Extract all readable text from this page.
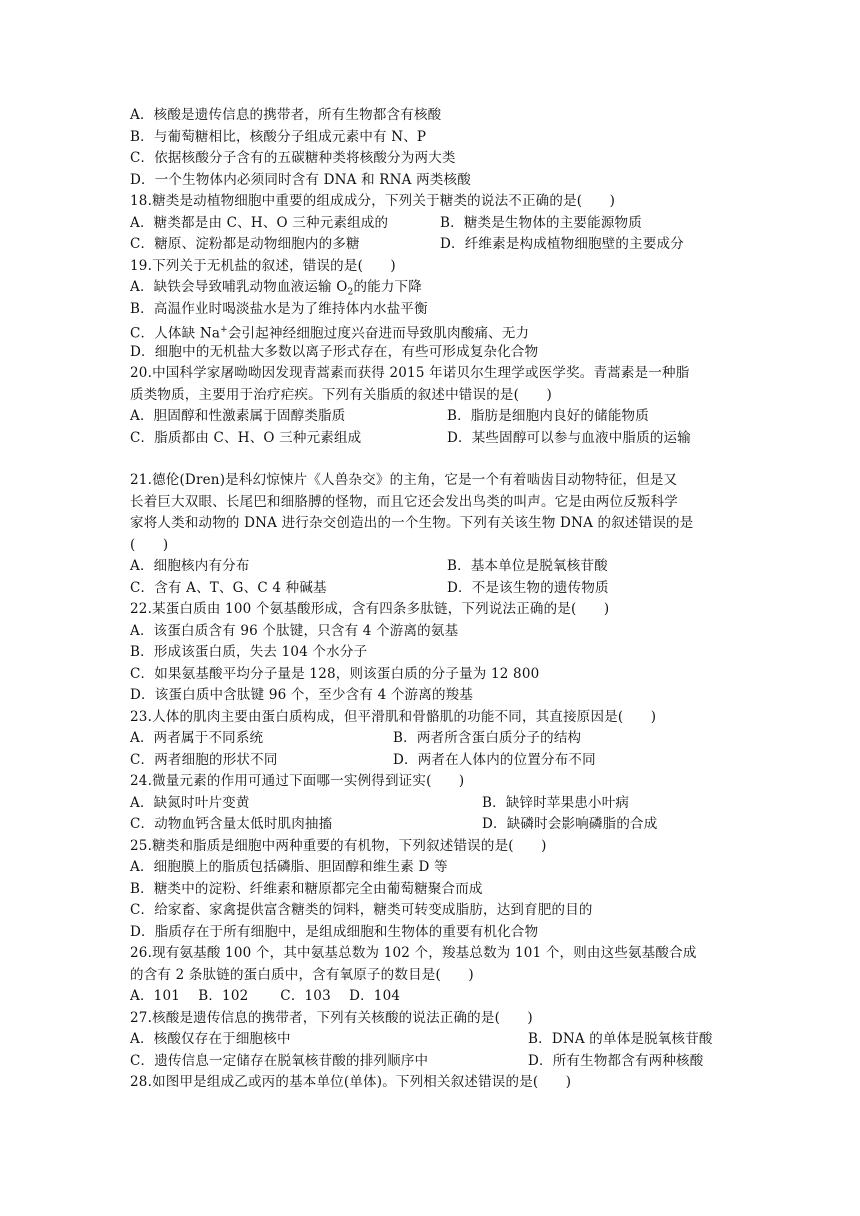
A．核酸是遗传信息的携带者，所有生物都含有核酸
B．与葡萄糖相比，核酸分子组成元素中有 N、P
C．依据核酸分子含有的五碳糖种类将核酸分为两大类
D．一个生物体内必须同时含有 DNA 和 RNA 两类核酸
18.糖类是动植物细胞中重要的组成成分，下列关于糖类的说法不正确的是(　　)
A．糖类都是由 C、H、O 三种元素组成的	B．糖类是生物体的主要能源物质
C．糖原、淀粉都是动物细胞内的多糖	D．纤维素是构成植物细胞壁的主要成分
19.下列关于无机盐的叙述，错误的是(　　)
A．缺铁会导致哺乳动物血液运输 $O_2$的能力下降
B．高温作业时喝淡盐水是为了维持体内水盐平衡
C．人体缺 Na+会引起神经细胞过度兴奋进而导致肌肉酸痛、无力
D．细胞中的无机盐大多数以离子形式存在，有些可形成复杂化合物
20.中国科学家屠呦呦因发现青蒿素而获得 2015 年诺贝尔生理学或医学奖。青蒿素是一种脂
质类物质，主要用于治疗疟疾。下列有关脂质的叙述中错误的是(　　)
A．胆固醇和性激素属于固醇类脂质	B．脂肪是细胞内良好的储能物质
C．脂质都由 C、H、O 三种元素组成	D．某些固醇可以参与血液中脂质的运输
21.德伦(Dren)是科幻惊悚片《人兽杂交》的主角，它是一个有着啮齿目动物特征，但是又
长着巨大双眼、长尾巴和细胳膊的怪物，而且它还会发出鸟类的叫声。它是由两位反叛科学
家将人类和动物的 DNA 进行杂交创造出的一个生物。下列有关该生物 DNA 的叙述错误的是
(　　)
A．细胞核内有分布	B．基本单位是脱氧核苷酸
C．含有 A、T、G、C 4 种碱基	D．不是该生物的遗传物质
22.某蛋白质由 100 个氨基酸形成，含有四条多肽链，下列说法正确的是(　　)
A．该蛋白质含有 96 个肽键，只含有 4 个游离的氨基
B．形成该蛋白质，失去 104 个水分子
C．如果氨基酸平均分子量是 128，则该蛋白质的分子量为 12 800
D．该蛋白质中含肽键 96 个，至少含有 4 个游离的羧基
23.人体的肌肉主要由蛋白质构成，但平滑肌和骨骼肌的功能不同，其直接原因是(　　)
A．两者属于不同系统	B．两者所含蛋白质分子的结构
C．两者细胞的形状不同	D．两者在人体内的位置分布不同
24.微量元素的作用可通过下面哪一实例得到证实(　　)
A．缺氮时叶片变黄	B．缺锌时苹果患小叶病
C．动物血钙含量太低时肌肉抽搐	D．缺磷时会影响磷脂的合成
25.糖类和脂质是细胞中两种重要的有机物，下列叙述错误的是(　　)
A．细胞膜上的脂质包括磷脂、胆固醇和维生素 D 等
B．糖类中的淀粉、纤维素和糖原都完全由葡萄糖聚合而成
C．给家畜、家禽提供富含糖类的饲料，糖类可转变成脂肪，达到育肥的目的
D．脂质存在于所有细胞中，是组成细胞和生物体的重要有机化合物
26.现有氨基酸 100 个，其中氨基总数为 102 个，羧基总数为 101 个，则由这些氨基酸合成
的含有 2 条肽链的蛋白质中，含有氧原子的数目是(　　)
A．101　 B．102　 　C．103　 D．104
27.核酸是遗传信息的携带者，下列有关核酸的说法正确的是(　　)
A．核酸仅存在于细胞核中	B．DNA 的单体是脱氧核苷酸
C．遗传信息一定储存在脱氧核苷酸的排列顺序中	D．所有生物都含有两种核酸
28.如图甲是组成乙或丙的基本单位(单体)。下列相关叙述错误的是(　　)
